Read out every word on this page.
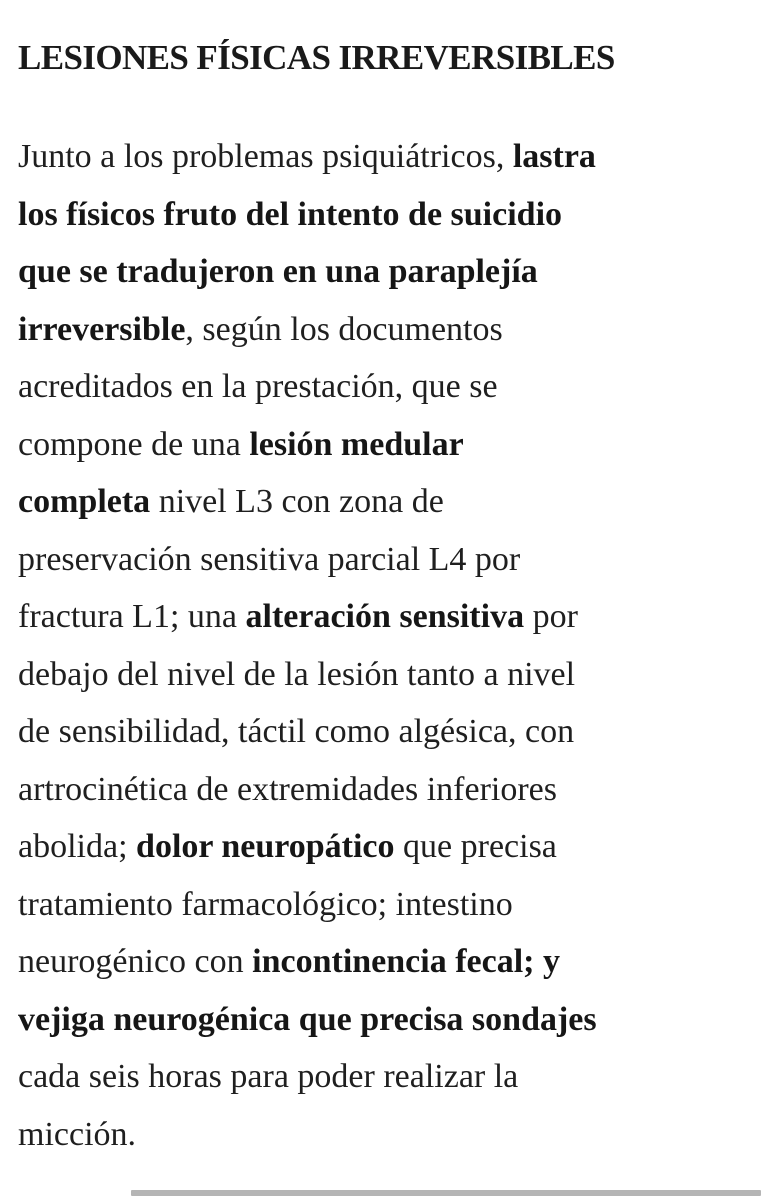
LESIONES FÍSICAS IRREVERSIBLES

Junto a los problemas psiquiátricos, lastra
los físicos fruto del intento de suicidio
que se tradujeron en una paraplejía
irreversible, según los documentos
acreditados en la prestación, que se
compone de una lesión medular
completa nivel L3 con zona de
preservación sensitiva parcial L4 por
fractura L1; una alteración sensitiva por
debajo del nivel de la lesión tanto a nivel
de sensibilidad, táctil como algésica, con
artrocinética de extremidades inferiores
abolida; dolor neuropático que precisa
tratamiento farmacológico; intestino
neurogénico con incontinencia fecal; y
vejiga neurogénica que precisa sondajes
cada seis horas para poder realizar la
micción.
